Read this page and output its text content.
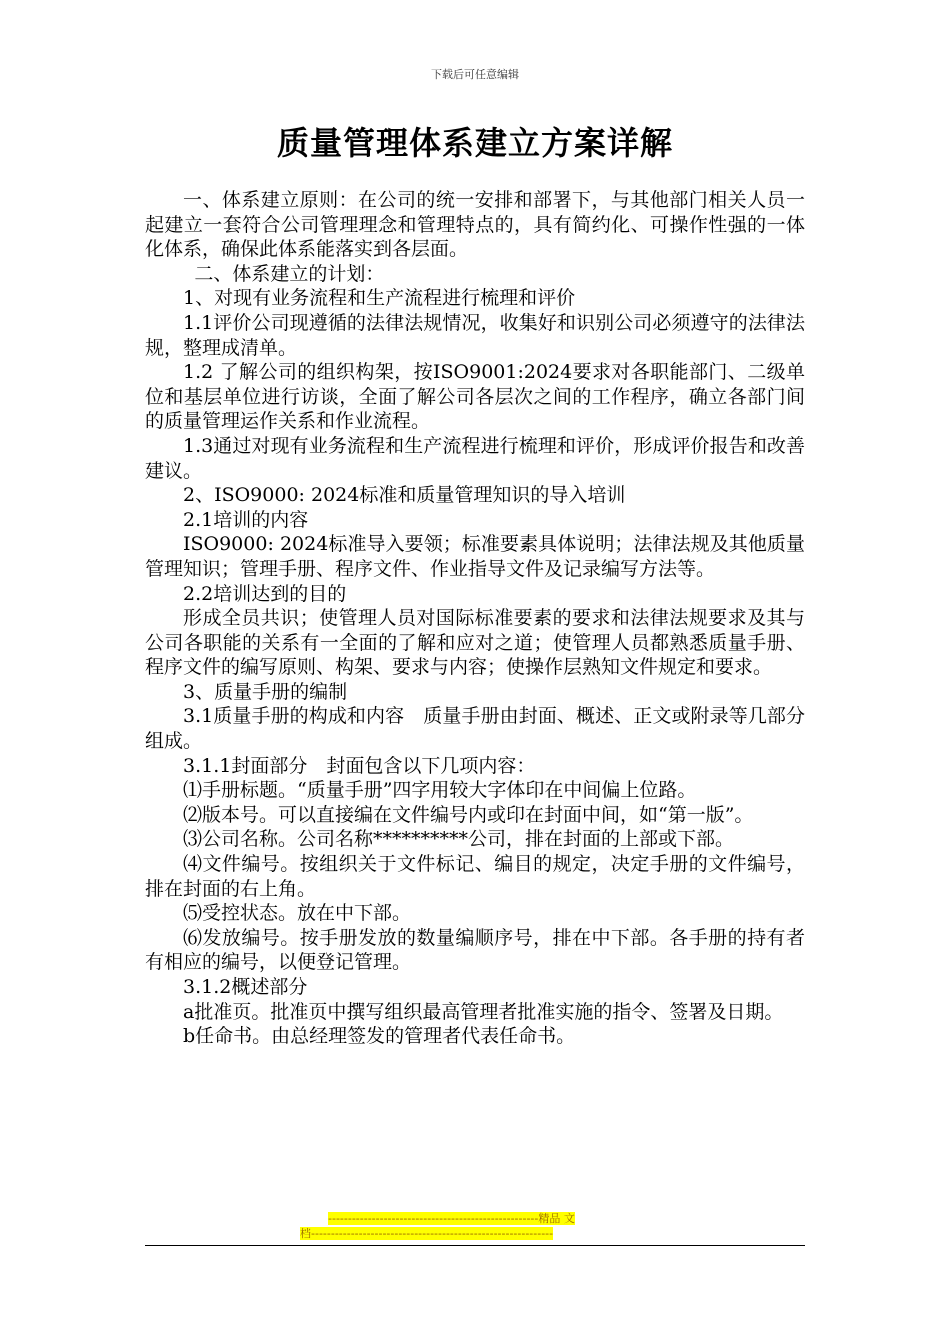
下载后可任意编辑
质量管理体系建立方案详解

一、体系建立原则：在公司的统一安排和部署下，与其他部门相关人员一起建立一套符合公司管理理念和管理特点的，具有简约化、可操作性强的一体化体系，确保此体系能落实到各层面。

二、体系建立的计划：

1、对现有业务流程和生产流程进行梳理和评价

1.1评价公司现遵循的法律法规情况，收集好和识别公司必须遵守的法律法规，整理成清单。

1.2 了解公司的组织构架，按ISO9001:2024要求对各职能部门、二级单位和基层单位进行访谈，全面了解公司各层次之间的工作程序，确立各部门间的质量管理运作关系和作业流程。

1.3通过对现有业务流程和生产流程进行梳理和评价，形成评价报告和改善建议。

2、ISO9000: 2024标准和质量管理知识的导入培训

2.1培训的内容

ISO9000: 2024标准导入要领；标准要素具体说明；法律法规及其他质量管理知识；管理手册、程序文件、作业指导文件及记录编写方法等。

2.2培训达到的目的

形成全员共识；使管理人员对国际标准要素的要求和法律法规要求及其与公司各职能的关系有一全面的了解和应对之道；使管理人员都熟悉质量手册、程序文件的编写原则、构架、要求与内容；使操作层熟知文件规定和要求。

3、质量手册的编制

3.1质量手册的构成和内容　质量手册由封面、概述、正文或附录等几部分组成。

3.1.1封面部分　封面包含以下几项内容：

⑴手册标题。“质量手册”四字用较大字体印在中间偏上位路。

⑵版本号。可以直接编在文件编号内或印在封面中间，如“第一版”。

⑶公司名称。公司名称**********公司，排在封面的上部或下部。

⑷文件编号。按组织关于文件标记、编目的规定，决定手册的文件编号，排在封面的右上角。

⑸受控状态。放在中下部。

⑹发放编号。按手册发放的数量编顺序号，排在中下部。各手册的持有者有相应的编号，以便登记管理。

3.1.2概述部分

a批准页。批准页中撰写组织最高管理者批准实施的指令、签署及日期。

b任命书。由总经理签发的管理者代表任命书。

-----------------------------------------------------精品 文
档-------------------------------------------------------------
